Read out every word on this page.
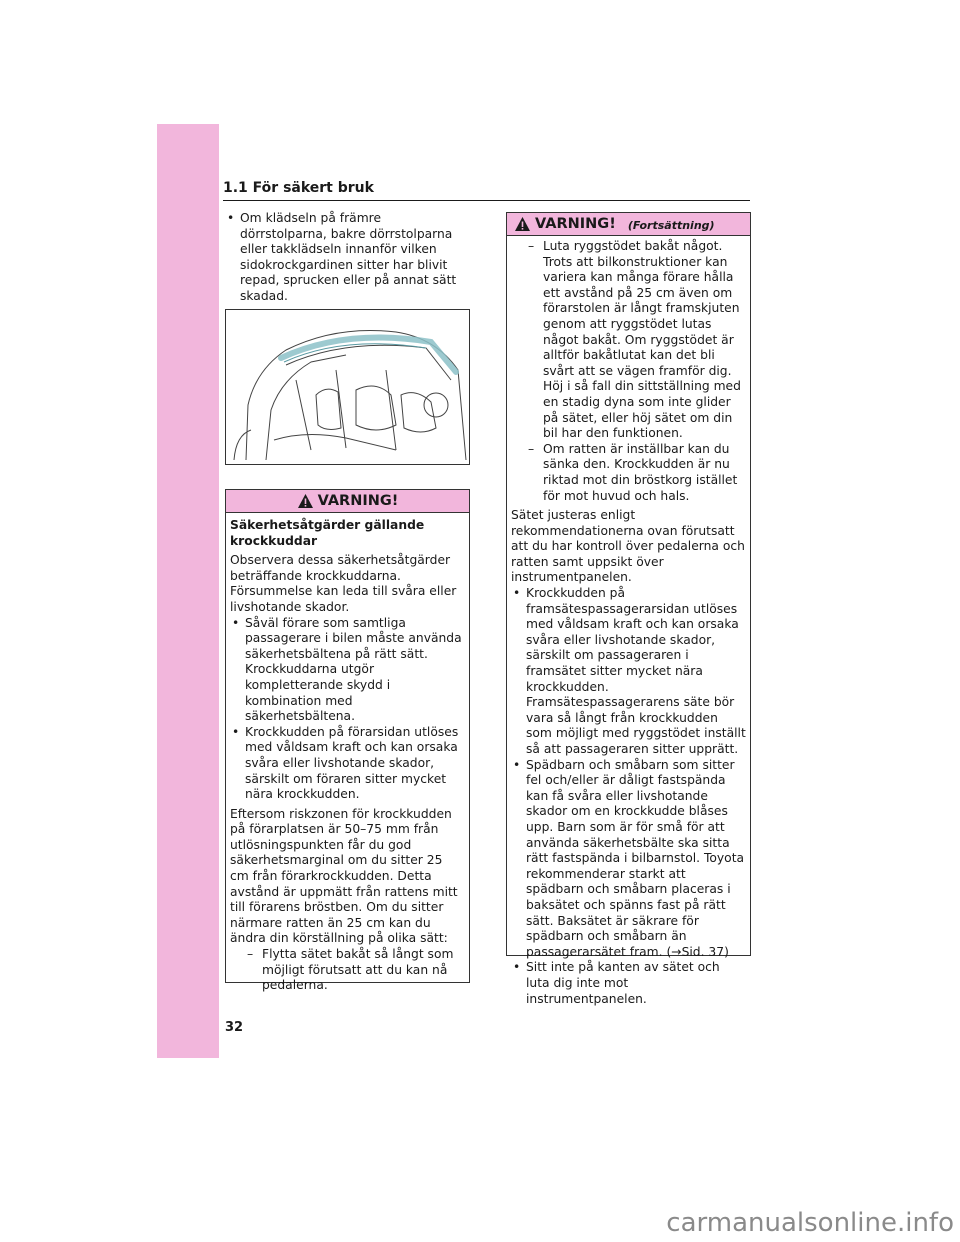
1.1 För säkert bruk
• Om klädseln på främre dörrstolparna, bakre dörrstolparna eller takklädseln innanför vilken sidokrockgardinen sitter har blivit repad, sprucken eller på annat sätt skadad.
VARNING!
Säkerhetsåtgärder gällande krockkuddar
Observera dessa säkerhetsåtgärder beträffande krockkuddarna. Försummelse kan leda till svåra eller livshotande skador.
• Såväl förare som samtliga passagerare i bilen måste använda säkerhetsbältena på rätt sätt. Krockkuddarna utgör kompletterande skydd i kombination med säkerhetsbältena.
• Krockkudden på förarsidan utlöses med våldsam kraft och kan orsaka svåra eller livshotande skador, särskilt om föraren sitter mycket nära krockkudden.
Eftersom riskzonen för krockkudden på förarplatsen är 50–75 mm från utlösningspunkten får du god säkerhetsmarginal om du sitter 25 cm från förarkrockkudden. Detta avstånd är uppmätt från rattens mitt till förarens bröstben. Om du sitter närmare ratten än 25 cm kan du ändra din körställning på olika sätt:
– Flytta sätet bakåt så långt som möjligt förutsatt att du kan nå pedalerna.
VARNING! (Fortsättning)
– Luta ryggstödet bakåt något. Trots att bilkonstruktioner kan variera kan många förare hålla ett avstånd på 25 cm även om förarstolen är långt framskjuten genom att ryggstödet lutas något bakåt. Om ryggstödet är alltför bakåtlutat kan det bli svårt att se vägen framför dig. Höj i så fall din sittställning med en stadig dyna som inte glider på sätet, eller höj sätet om din bil har den funktionen.
– Om ratten är inställbar kan du sänka den. Krockkudden är nu riktad mot din bröstkorg istället för mot huvud och hals.
Sätet justeras enligt rekommendationerna ovan förutsatt att du har kontroll över pedalerna och ratten samt uppsikt över instrumentpanelen.
• Krockkudden på framsätespassagerarsidan utlöses med våldsam kraft och kan orsaka svåra eller livshotande skador, särskilt om passageraren i framsätet sitter mycket nära krockkudden. Framsätespassagerarens säte bör vara så långt från krockkudden som möjligt med ryggstödet inställt så att passageraren sitter upprätt.
• Spädbarn och småbarn som sitter fel och/eller är dåligt fastspända kan få svåra eller livshotande skador om en krockkudde blåses upp. Barn som är för små för att använda säkerhetsbälte ska sitta rätt fastspända i bilbarnstol. Toyota rekommenderar starkt att spädbarn och småbarn placeras i baksätet och spänns fast på rätt sätt. Baksätet är säkrare för spädbarn och småbarn än passagerarsätet fram. (→Sid. 37)
• Sitt inte på kanten av sätet och luta dig inte mot instrumentpanelen.
32
carmanualsonline.info
